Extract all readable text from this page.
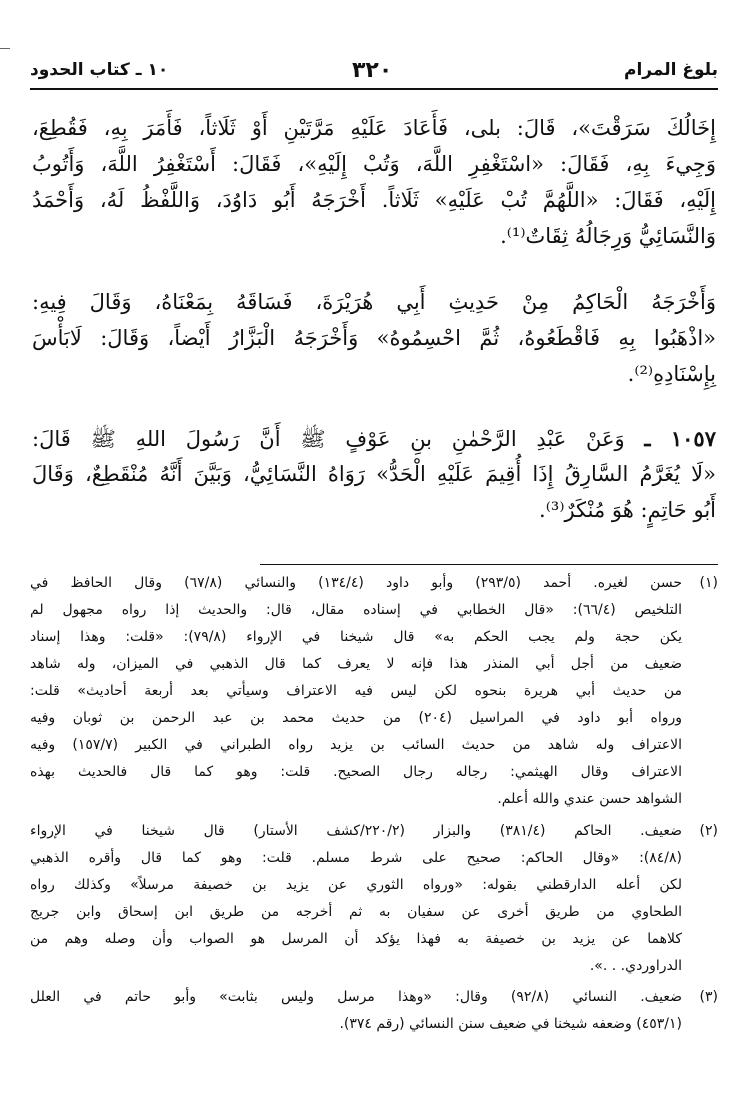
بلوغ المرام
٣٢٠
١٠ ـ كتاب الحدود
إِخَالُكَ سَرَقْتَ»، قَالَ: بلى، فَأَعَادَ عَلَيْهِ مَرَّتَيْنِ أَوْ ثَلَاثاً، فَأَمَرَ بِهِ، فَقُطِعَ،
وَجِيءَ بِهِ، فَقَالَ: «اسْتَغْفِرِ اللَّهَ، وَتُبْ إِلَيْهِ»، فَقَالَ: أَسْتَغْفِرُ اللَّهَ، وَأَتُوبُ
إِلَيْهِ، فَقَالَ: «اللَّهُمَّ تُبْ عَلَيْهِ» ثَلَاثاً. أَخْرَجَهُ أَبُو دَاوُدَ، وَاللَّفْظُ لَهُ، وَأَحْمَدُ
وَالنَّسَائِيُّ وَرِجَالُهُ ثِقَاتٌ⁽¹⁾.
وَأَخْرَجَهُ الْحَاكِمُ مِنْ حَدِيثِ أَبِي هُرَيْرَةَ، فَسَاقَهُ بِمَعْنَاهُ، وَقَالَ فِيهِ:
«اذْهَبُوا بِهِ فَاقْطَعُوهُ، ثُمَّ احْسِمُوهُ» وَأَخْرَجَهُ الْبَزَّارُ أَيْضاً، وَقَالَ: لَابَأْسَ
بِإِسْنَادِهِ⁽²⁾.
١٠٥٧ ـ وَعَنْ عَبْدِ الرَّحْمٰنِ بنِ عَوْفٍ ﷺ أَنَّ رَسُولَ اللهِ ﷺ قَالَ:
«لَا يُغَرَّمُ السَّارِقُ إِذَا أُقِيمَ عَلَيْهِ الْحَدُّ» رَوَاهُ النَّسَائِيُّ، وَبَيَّنَ أَنَّهُ مُنْقَطِعٌ، وَقَالَ
أَبُو حَاتِمٍ: هُوَ مُنْكَرٌ⁽³⁾.
(١)
حسن لغيره. أحمد (٢٩٣/٥) وأبو داود (١٣٤/٤) والنسائي (٦٧/٨) وقال الحافظ في
التلخيص (٦٦/٤): «قال الخطابي في إسناده مقال، قال: والحديث إذا رواه مجهول لم
يكن حجة ولم يجب الحكم به» قال شيخنا في الإرواء (٧٩/٨): «قلت: وهذا إسناد
ضعيف من أجل أبي المنذر هذا فإنه لا يعرف كما قال الذهبي في الميزان، وله شاهد
من حديث أبي هريرة بنحوه لكن ليس فيه الاعتراف وسيأتي بعد أربعة أحاديث» قلت:
ورواه أبو داود في المراسيل (٢٠٤) من حديث محمد بن عبد الرحمن بن ثوبان وفيه
الاعتراف وله شاهد من حديث السائب بن يزيد رواه الطبراني في الكبير (١٥٧/٧) وفيه
الاعتراف وقال الهيثمي: رجاله رجال الصحيح. قلت: وهو كما قال فالحديث بهذه
الشواهد حسن عندي والله أعلم.
(٢)
ضعيف. الحاكم (٣٨١/٤) والبزار (٢٢٠/٢/كشف الأستار) قال شيخنا في الإرواء
(٨٤/٨): «وقال الحاكم: صحيح على شرط مسلم. قلت: وهو كما قال وأقره الذهبي
لكن أعله الدارقطني بقوله: «ورواه الثوري عن يزيد بن خصيفة مرسلاً» وكذلك رواه
الطحاوي من طريق أخرى عن سفيان به ثم أخرجه من طريق ابن إسحاق وابن جريج
كلاهما عن يزيد بن خصيفة به فهذا يؤكد أن المرسل هو الصواب وأن وصله وهم من
الدراوردي. . .».
(٣)
ضعيف. النسائي (٩٢/٨) وقال: «وهذا مرسل وليس بثابت» وأبو حاتم في العلل
(٤٥٣/١) وضعفه شيخنا في ضعيف سنن النسائي (رقم ٣٧٤).
